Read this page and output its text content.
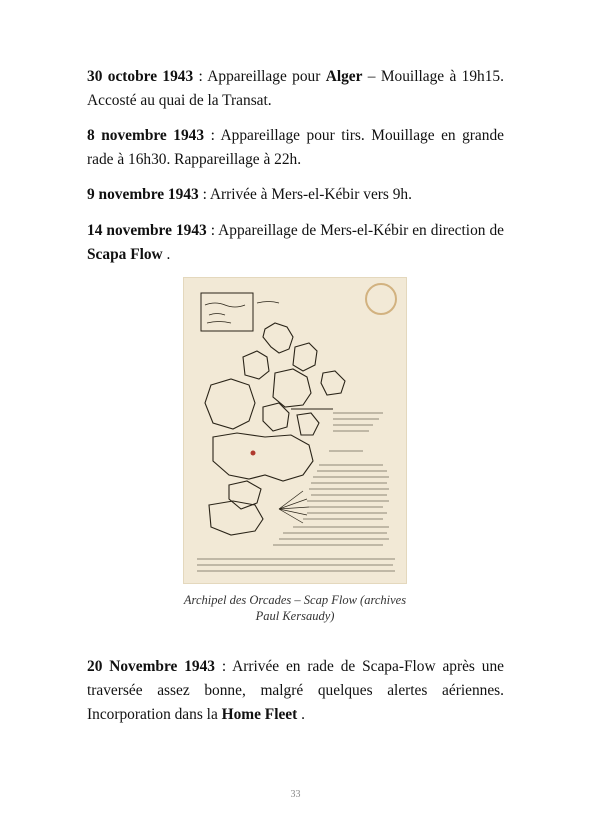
30 octobre 1943 : Appareillage pour Alger – Mouillage à 19h15. Accosté au quai de la Transat.

8 novembre 1943 : Appareillage pour tirs. Mouillage en grande rade à 16h30. Rappareillage à 22h.

9 novembre 1943 : Arrivée à Mers-el-Kébir vers 9h.

14 novembre 1943 : Appareillage de Mers-el-Kébir en direction de Scapa Flow .

Archipel des Orcades – Scap Flow (archives Paul Kersaudy)

20 Novembre 1943 : Arrivée en rade de Scapa-Flow après une traversée assez bonne, malgré quelques alertes aériennes. Incorporation dans la Home Fleet .

33
